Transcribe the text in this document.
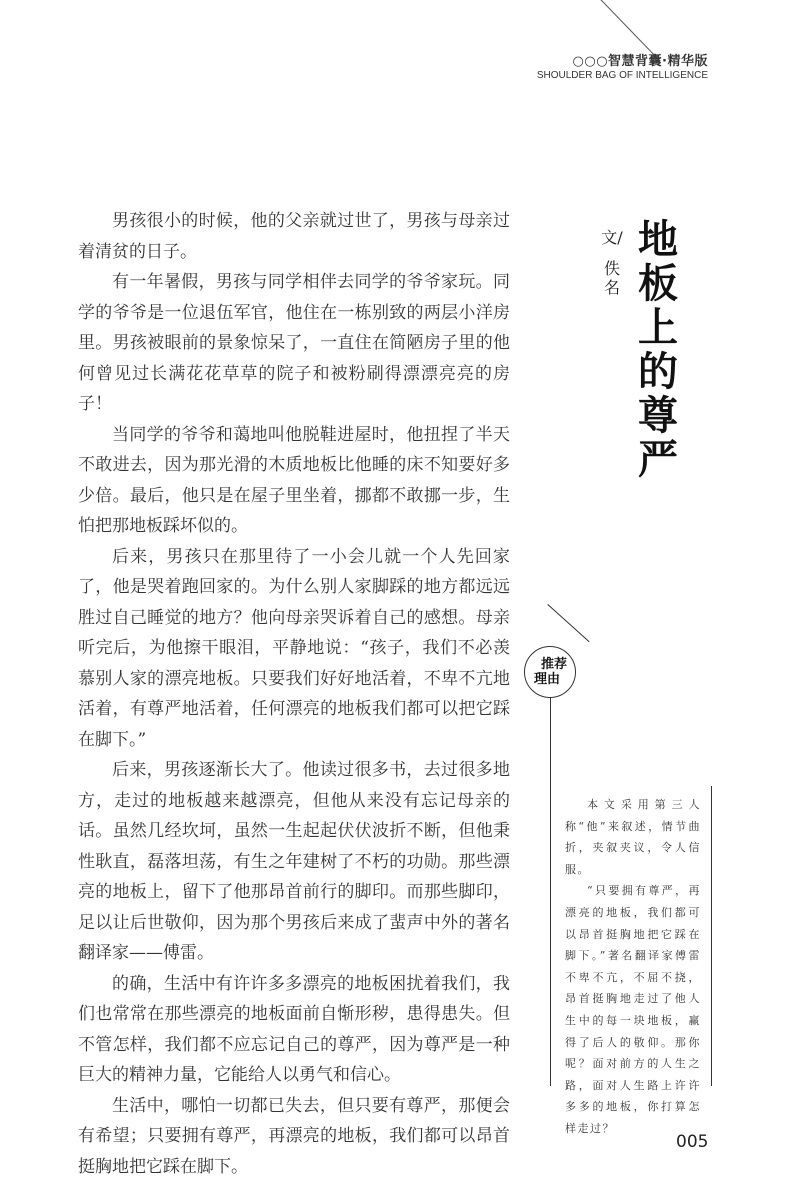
○○○智慧背囊·精华版
SHOULDER BAG OF INTELLIGENCE
地板上的尊严
文/
佚名

男孩很小的时候，他的父亲就过世了，男孩与母亲过着清贫的日子。

有一年暑假，男孩与同学相伴去同学的爷爷家玩。同学的爷爷是一位退伍军官，他住在一栋别致的两层小洋房里。男孩被眼前的景象惊呆了，一直住在简陋房子里的他何曾见过长满花花草草的院子和被粉刷得漂漂亮亮的房子！

当同学的爷爷和蔼地叫他脱鞋进屋时，他扭捏了半天不敢进去，因为那光滑的木质地板比他睡的床不知要好多少倍。最后，他只是在屋子里坐着，挪都不敢挪一步，生怕把那地板踩坏似的。

后来，男孩只在那里待了一小会儿就一个人先回家了，他是哭着跑回家的。为什么别人家脚踩的地方都远远胜过自己睡觉的地方？他向母亲哭诉着自己的感想。母亲听完后，为他擦干眼泪，平静地说：“孩子，我们不必羡慕别人家的漂亮地板。只要我们好好地活着，不卑不亢地活着，有尊严地活着，任何漂亮的地板我们都可以把它踩在脚下。”

后来，男孩逐渐长大了。他读过很多书，去过很多地方，走过的地板越来越漂亮，但他从来没有忘记母亲的话。虽然几经坎坷，虽然一生起起伏伏波折不断，但他秉性耿直，磊落坦荡，有生之年建树了不朽的功勋。那些漂亮的地板上，留下了他那昂首前行的脚印。而那些脚印，足以让后世敬仰，因为那个男孩后来成了蜚声中外的著名翻译家——傅雷。

的确，生活中有许许多多漂亮的地板困扰着我们，我们也常常在那些漂亮的地板面前自惭形秽，患得患失。但不管怎样，我们都不应忘记自己的尊严，因为尊严是一种巨大的精神力量，它能给人以勇气和信心。

生活中，哪怕一切都已失去，但只要有尊严，那便会有希望；只要拥有尊严，再漂亮的地板，我们都可以昂首挺胸地把它踩在脚下。

推荐
理由

本文采用第三人称“他”来叙述，情节曲折，夹叙夹议，令人信服。

“只要拥有尊严，再漂亮的地板，我们都可以昂首挺胸地把它踩在脚下。”著名翻译家傅雷不卑不亢，不屈不挠，昂首挺胸地走过了他人生中的每一块地板，赢得了后人的敬仰。那你呢？面对前方的人生之路，面对人生路上许许多多的地板，你打算怎样走过？

005
